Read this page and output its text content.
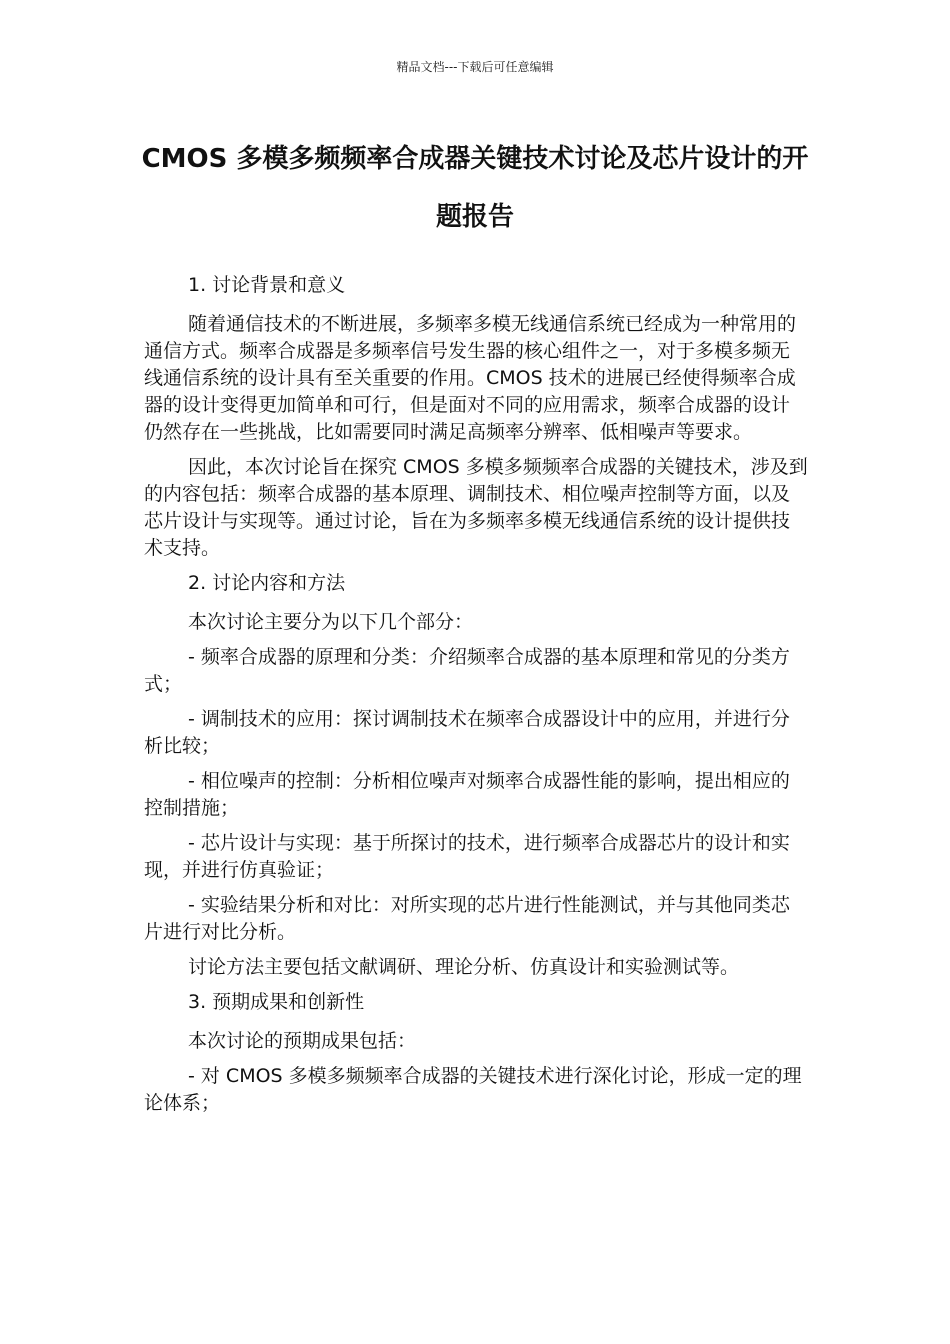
精品文档---下载后可任意编辑
CMOS 多模多频频率合成器关键技术讨论及芯片设计的开题报告

1. 讨论背景和意义

随着通信技术的不断进展，多频率多模无线通信系统已经成为一种常用的通信方式。频率合成器是多频率信号发生器的核心组件之一，对于多模多频无线通信系统的设计具有至关重要的作用。CMOS 技术的进展已经使得频率合成器的设计变得更加简单和可行，但是面对不同的应用需求，频率合成器的设计仍然存在一些挑战，比如需要同时满足高频率分辨率、低相噪声等要求。

因此，本次讨论旨在探究 CMOS 多模多频频率合成器的关键技术，涉及到的内容包括：频率合成器的基本原理、调制技术、相位噪声控制等方面，以及芯片设计与实现等。通过讨论，旨在为多频率多模无线通信系统的设计提供技术支持。

2. 讨论内容和方法

本次讨论主要分为以下几个部分：

- 频率合成器的原理和分类：介绍频率合成器的基本原理和常见的分类方式；

- 调制技术的应用：探讨调制技术在频率合成器设计中的应用，并进行分析比较；

- 相位噪声的控制：分析相位噪声对频率合成器性能的影响，提出相应的控制措施；

- 芯片设计与实现：基于所探讨的技术，进行频率合成器芯片的设计和实现，并进行仿真验证；

- 实验结果分析和对比：对所实现的芯片进行性能测试，并与其他同类芯片进行对比分析。

讨论方法主要包括文献调研、理论分析、仿真设计和实验测试等。

3. 预期成果和创新性

本次讨论的预期成果包括：

- 对 CMOS 多模多频频率合成器的关键技术进行深化讨论，形成一定的理论体系；
